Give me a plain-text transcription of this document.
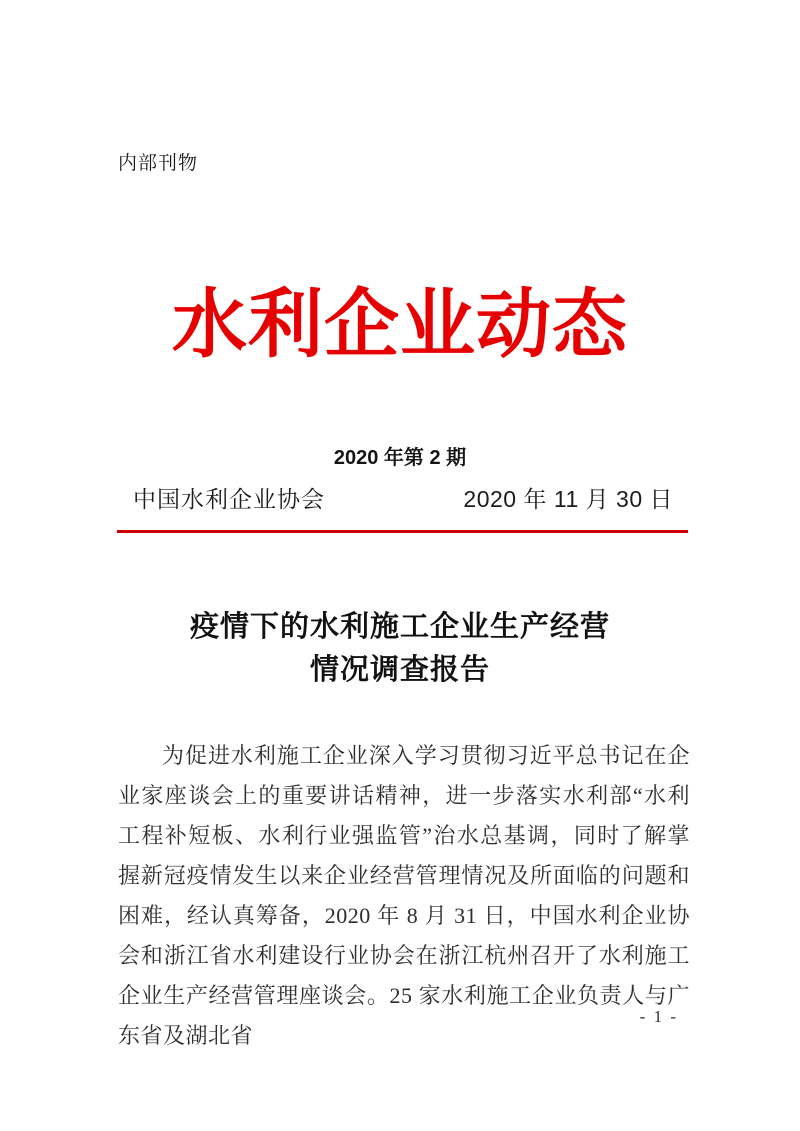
内部刊物
水利企业动态
2020 年第 2 期
中国水利企业协会	2020 年 11 月 30 日
疫情下的水利施工企业生产经营
情况调查报告

为促进水利施工企业深入学习贯彻习近平总书记在企业家座谈会上的重要讲话精神，进一步落实水利部“水利工程补短板、水利行业强监管”治水总基调，同时了解掌握新冠疫情发生以来企业经营管理情况及所面临的问题和困难，经认真筹备，2020 年 8 月 31 日，中国水利企业协会和浙江省水利建设行业协会在浙江杭州召开了水利施工企业生产经营管理座谈会。25 家水利施工企业负责人与广东省及湖北省

- 1 -
